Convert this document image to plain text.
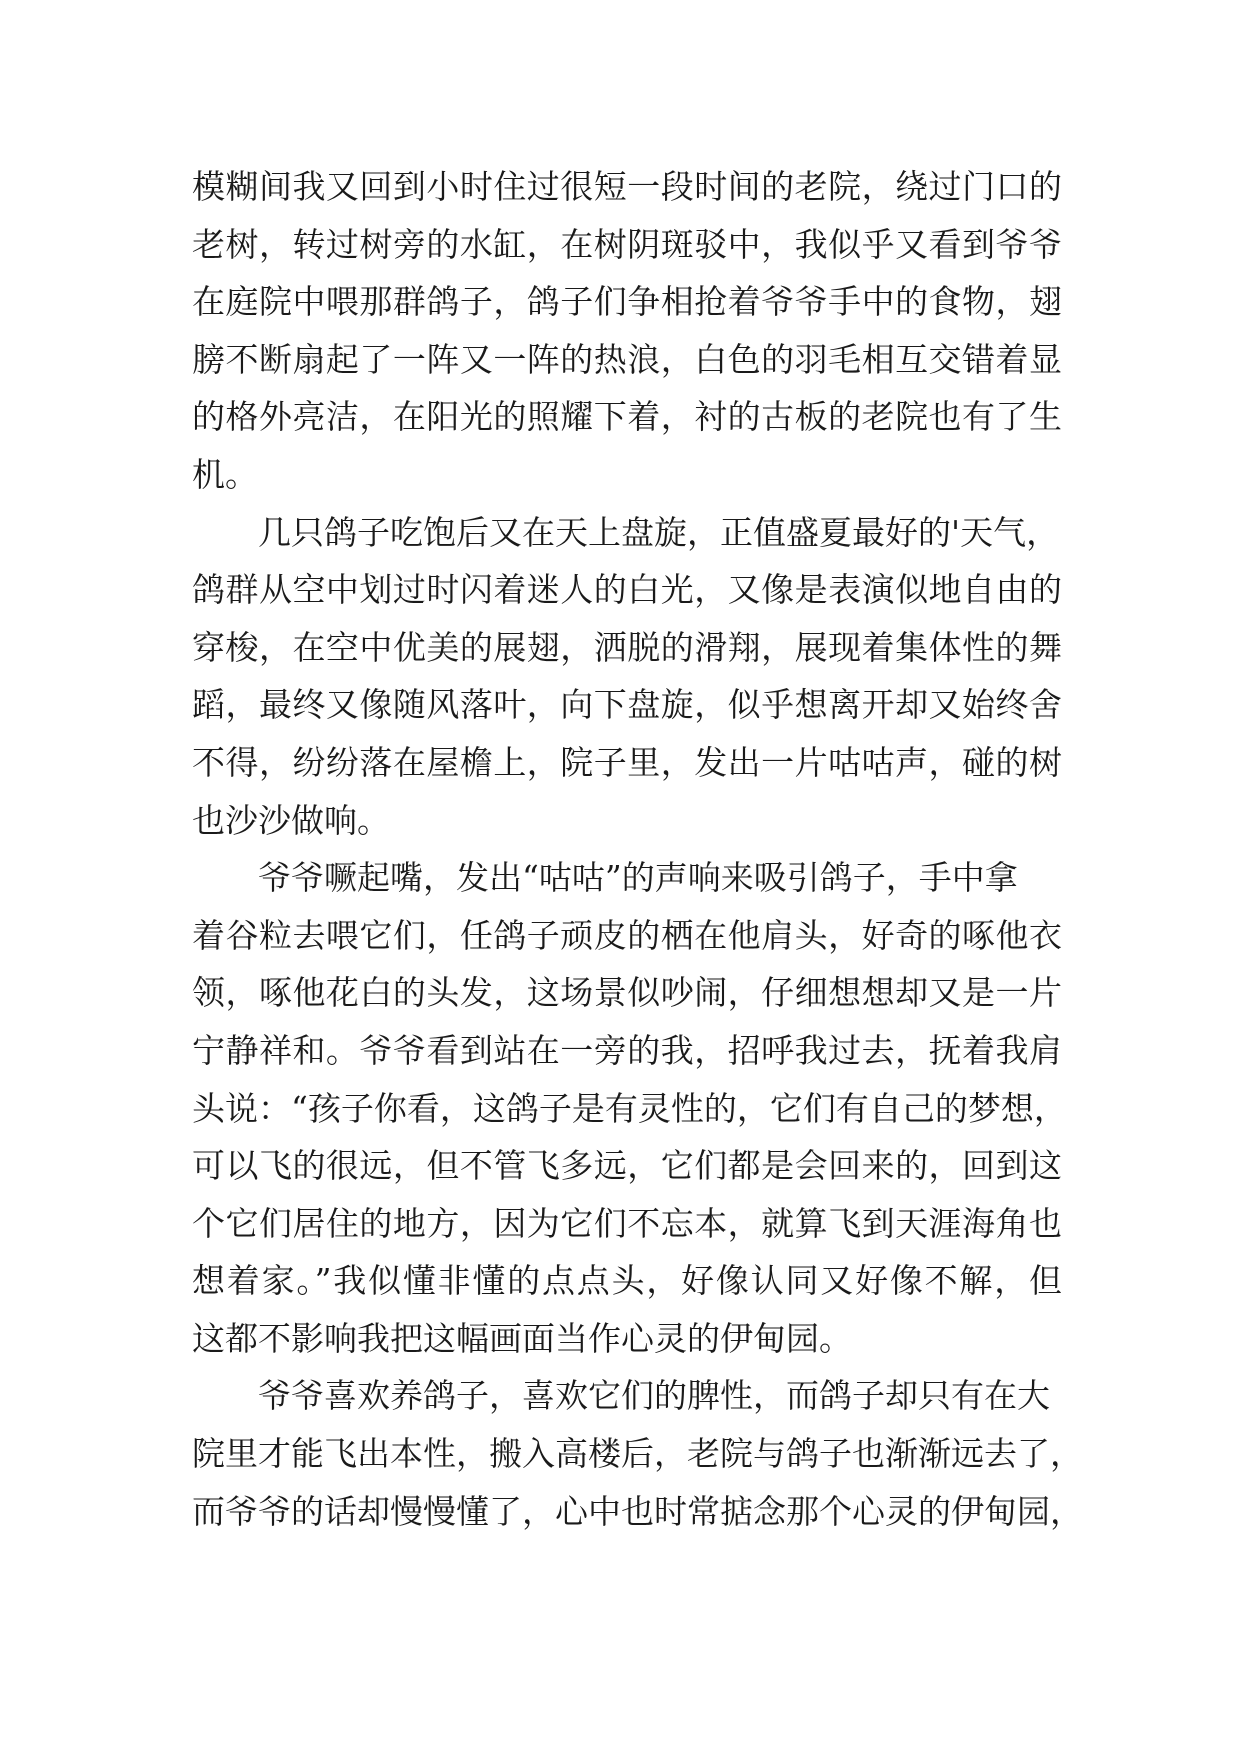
模糊间我又回到小时住过很短一段时间的老院，绕过门口的
老树，转过树旁的水缸，在树阴斑驳中，我似乎又看到爷爷
在庭院中喂那群鸽子，鸽子们争相抢着爷爷手中的食物，翅
膀不断扇起了一阵又一阵的热浪，白色的羽毛相互交错着显
的格外亮洁，在阳光的照耀下着，衬的古板的老院也有了生
机。
几只鸽子吃饱后又在天上盘旋，正值盛夏最好的'天气，
鸽群从空中划过时闪着迷人的白光，又像是表演似地自由的
穿梭，在空中优美的展翅，洒脱的滑翔，展现着集体性的舞
蹈，最终又像随风落叶，向下盘旋，似乎想离开却又始终舍
不得，纷纷落在屋檐上，院子里，发出一片咕咕声，碰的树
也沙沙做响。
爷爷噘起嘴，发出“咕咕”的声响来吸引鸽子，手中拿
着谷粒去喂它们，任鸽子顽皮的栖在他肩头，好奇的啄他衣
领，啄他花白的头发，这场景似吵闹，仔细想想却又是一片
宁静祥和。爷爷看到站在一旁的我，招呼我过去，抚着我肩
头说：“孩子你看，这鸽子是有灵性的，它们有自己的梦想，
可以飞的很远，但不管飞多远，它们都是会回来的，回到这
个它们居住的地方，因为它们不忘本，就算飞到天涯海角也
想着家。”我似懂非懂的点点头，好像认同又好像不解，但
这都不影响我把这幅画面当作心灵的伊甸园。
爷爷喜欢养鸽子，喜欢它们的脾性，而鸽子却只有在大
院里才能飞出本性，搬入高楼后，老院与鸽子也渐渐远去了，
而爷爷的话却慢慢懂了，心中也时常掂念那个心灵的伊甸园，
